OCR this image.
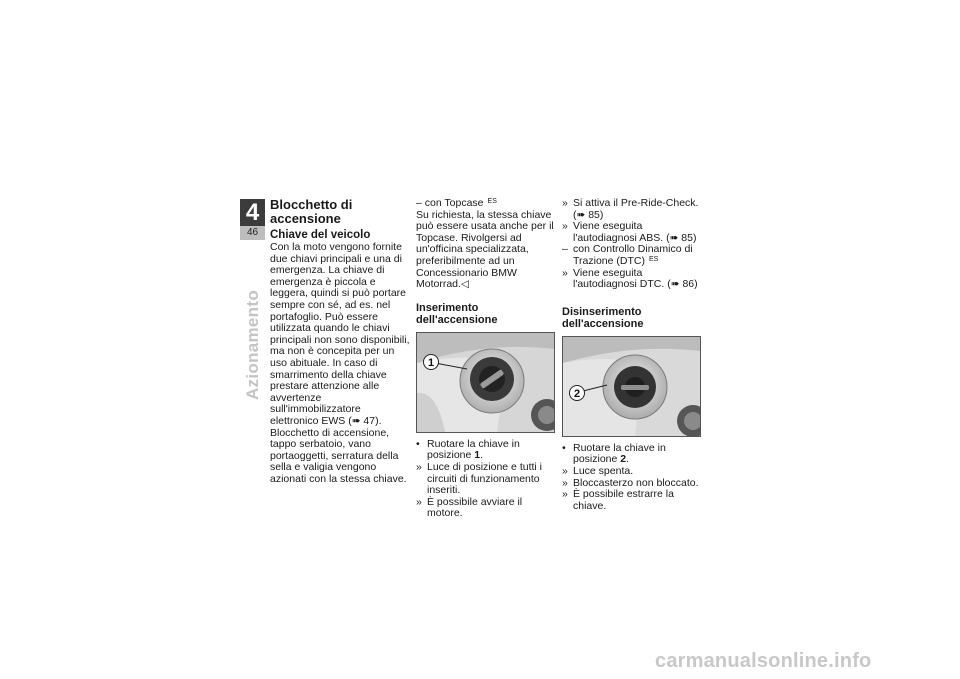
4
46
Azionamento
Blocchetto di accensione
Chiave del veicolo

Con la moto vengono fornite due chiavi principali e una di emergenza. La chiave di emergenza è piccola e leggera, quindi si può portare sempre con sé, ad es. nel portafoglio. Può essere utilizzata quando le chiavi principali non sono disponibili, ma non è concepita per un uso abituale. In caso di smarrimento della chiave prestare attenzione alle avvertenze sull'immobilizzatore elettronico EWS (➠ 47).

Blocchetto di accensione, tappo serbatoio, vano portaoggetti, serratura della sella e valigia vengono azionati con la stessa chiave.

– con Topcase $^{ES}$

Su richiesta, la stessa chiave può essere usata anche per il Topcase. Rivolgersi ad un'officina specializzata, preferibilmente ad un Concessionario BMW Motorrad.◁

Inserimento dell'accensione
1
• Ruotare la chiave in posizione 1.
» Luce di posizione e tutti i circuiti di funzionamento inseriti.
» È possibile avviare il motore.
» Si attiva il Pre-Ride-Check. (➠ 85)
» Viene eseguita l'autodiagnosi ABS. (➠ 85)
– con Controllo Dinamico di Trazione (DTC) $^{ES}$
» Viene eseguita l'autodiagnosi DTC. (➠ 86)
Disinserimento dell'accensione
2
• Ruotare la chiave in posizione 2.
» Luce spenta.
» Bloccasterzo non bloccato.
» È possibile estrarre la chiave.
carmanualsonline.info
